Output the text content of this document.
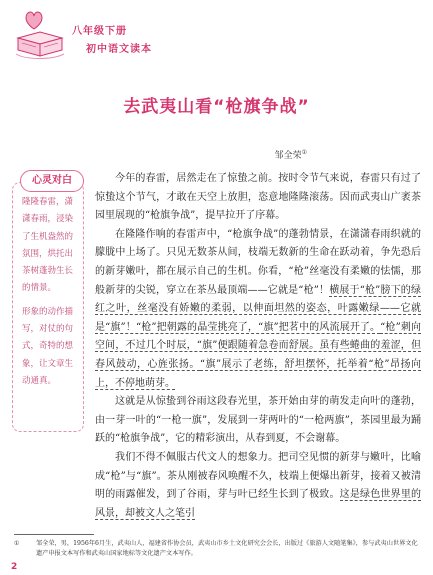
八年级下册
初中语文读本
去武夷山看“枪旗争战”
邹全荣①
心灵对白

隆隆春雷，潇潇春雨，浸染了生机盎然的氛围，烘托出茶树蓬勃生长的情景。

形象的动作描写，对仗的句式，奇特的想象，让文章生动通真。

今年的春雷，居然走在了惊蛰之前。按时令节气来说，春雷只有过了惊蛰这个节气，才敢在天空上放胆，恣意地隆隆滚荡。因而武夷山广袤茶园里展现的“枪旗争战”，提早拉开了序幕。

在隆隆作响的春雷声中，“枪旗争战”的蓬勃情景，在潇潇春雨织就的朦胧中上场了。只见无数茶从间，枝端无数新的生命在跃动着，争先恐后的新芽嫩叶，都在展示自己的生机。你看，“枪”丝毫没有柔嫩的怯懦，那般新芽的尖锐，穿立在茶丛最顶端——它就是“枪”！横展于“枪”膀下的绿红之叶，丝毫没有娇嫩的柔弱，以伸面坦然的姿态，叶露嫩绿——它就是“旗”！“枪”把朝露的晶莹挑亮了，“旗”把茗中的风流展开了。“枪”刺向空间，不过几个时辰，“旗”便跟随着急卷而舒展。虽有些蜷曲的羞涩，但春风鼓动，心旌张扬。“旗”展示了老练，舒坦摆怀，托举着“枪”昂扬向上，不停地萌芽。

这就是从惊蛰到谷雨这段春光里，茶开始由芽的萌发走向叶的蓬勃，由一芽一叶的“一枪一旗”，发展到一芽两叶的“一枪两旗”，茶园里最为踊跃的“枪旗争战”，它的精彩演出，从春到夏，不会谢幕。

我们不得不佩服古代文人的想象力。把司空见惯的新芽与嫩叶，比喻成“枪”与“旗”。茶从刚被春风唤醒不久，枝端上便爆出新芽，接着又被清明的雨露催发，到了谷雨，芽与叶已经生长到了极致。这是绿色世界里的风景，却被文人之笔引

①	邹全荣，男，1956年6月生，武夷山人，福建省作协会员，武夷山市乡土文化研究会会长，出版过《旅游人文随笔集》，参与武夷山世界文化遗产申报文本写作和武夷山国家地标等文化遗产文本写作。
2
